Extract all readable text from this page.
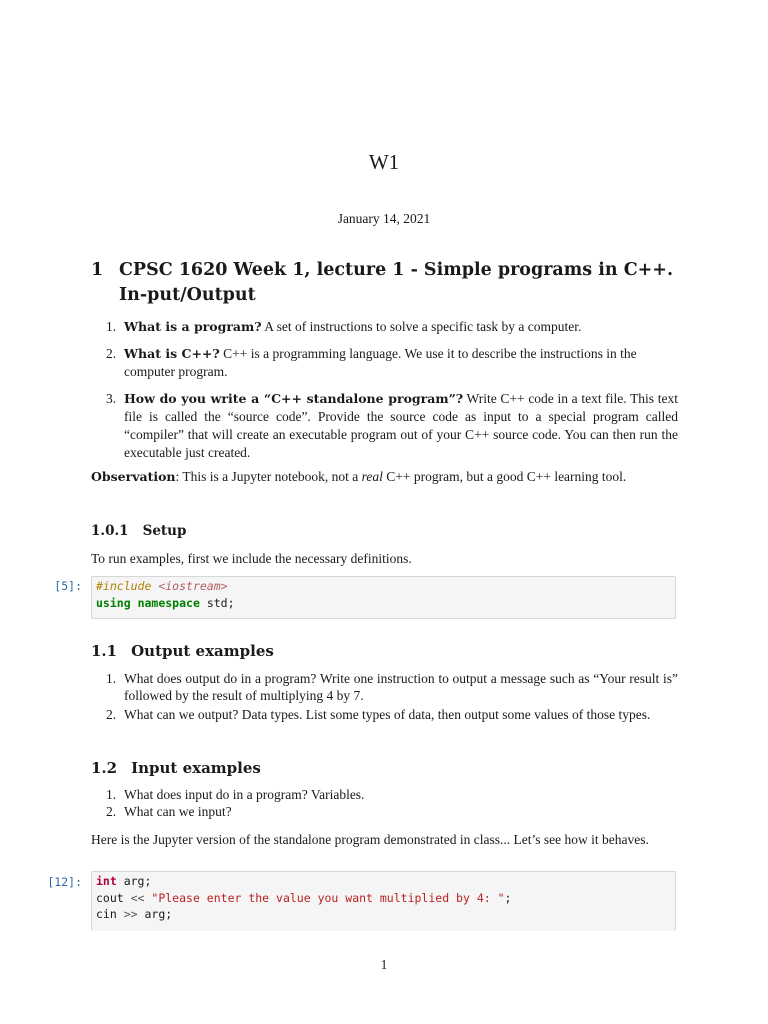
W1
January 14, 2021
1 CPSC 1620 Week 1, lecture 1 - Simple programs in C++. In-put/Output
1. What is a program? A set of instructions to solve a specific task by a computer.
2. What is C++? C++ is a programming language. We use it to describe the instructions in the computer program.
3. How do you write a “C++ standalone program”? Write C++ code in a text file. This text file is called the “source code”. Provide the source code as input to a special program called “compiler” that will create an executable program out of your C++ source code. You can then run the executable just created.
Observation: This is a Jupyter notebook, not a real C++ program, but a good C++ learning tool.
1.0.1 Setup
To run examples, first we include the necessary definitions.
[5]: #include <iostream>
using namespace std;
1.1 Output examples
1. What does output do in a program? Write one instruction to output a message such as “Your result is” followed by the result of multiplying 4 by 7.
2. What can we output? Data types. List some types of data, then output some values of those types.
1.2 Input examples
1. What does input do in a program? Variables.
2. What can we input?
Here is the Jupyter version of the standalone program demonstrated in class... Let’s see how it behaves.
[12]: int arg;
cout << "Please enter the value you want multiplied by 4: ";
cin >> arg;
1
